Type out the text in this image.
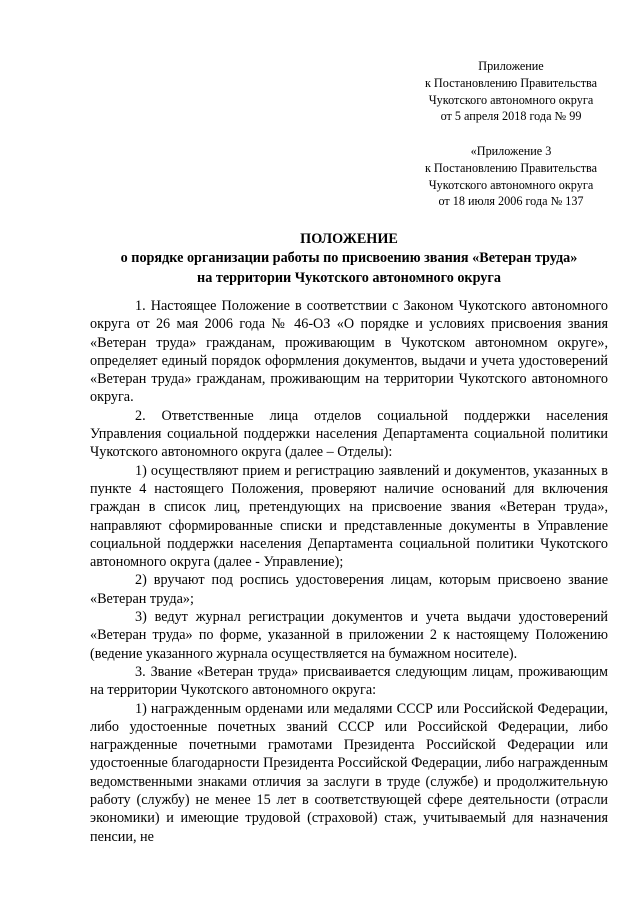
Приложение
к Постановлению Правительства
Чукотского автономного округа
от 5 апреля 2018 года № 99
«Приложение 3
к Постановлению Правительства
Чукотского автономного округа
от 18 июля 2006 года № 137
ПОЛОЖЕНИЕ
о порядке организации работы по присвоению звания «Ветеран труда»
на территории Чукотского автономного округа

1. Настоящее Положение в соответствии с Законом Чукотского автономного округа от 26 мая 2006 года № 46-ОЗ «О порядке и условиях присвоения звания «Ветеран труда» гражданам, проживающим в Чукотском автономном округе», определяет единый порядок оформления документов, выдачи и учета удостоверений «Ветеран труда» гражданам, проживающим на территории Чукотского автономного округа.

2. Ответственные лица отделов социальной поддержки населения Управления социальной поддержки населения Департамента социальной политики Чукотского автономного округа (далее – Отделы):

1) осуществляют прием и регистрацию заявлений и документов, указанных в пункте 4 настоящего Положения, проверяют наличие оснований для включения граждан в список лиц, претендующих на присвоение звания «Ветеран труда», направляют сформированные списки и представленные документы в Управление социальной поддержки населения Департамента социальной политики Чукотского автономного округа (далее - Управление);

2) вручают под роспись удостоверения лицам, которым присвоено звание «Ветеран труда»;

3) ведут журнал регистрации документов и учета выдачи удостоверений «Ветеран труда» по форме, указанной в приложении 2 к настоящему Положению (ведение указанного журнала осуществляется на бумажном носителе).

3. Звание «Ветеран труда» присваивается следующим лицам, проживающим на территории Чукотского автономного округа:

1) награжденным орденами или медалями СССР или Российской Федерации, либо удостоенные почетных званий СССР или Российской Федерации, либо награжденные почетными грамотами Президента Российской Федерации или удостоенные благодарности Президента Российской Федерации, либо награжденным ведомственными знаками отличия за заслуги в труде (службе) и продолжительную работу (службу) не менее 15 лет в соответствующей сфере деятельности (отрасли экономики) и имеющие трудовой (страховой) стаж, учитываемый для назначения пенсии, не
